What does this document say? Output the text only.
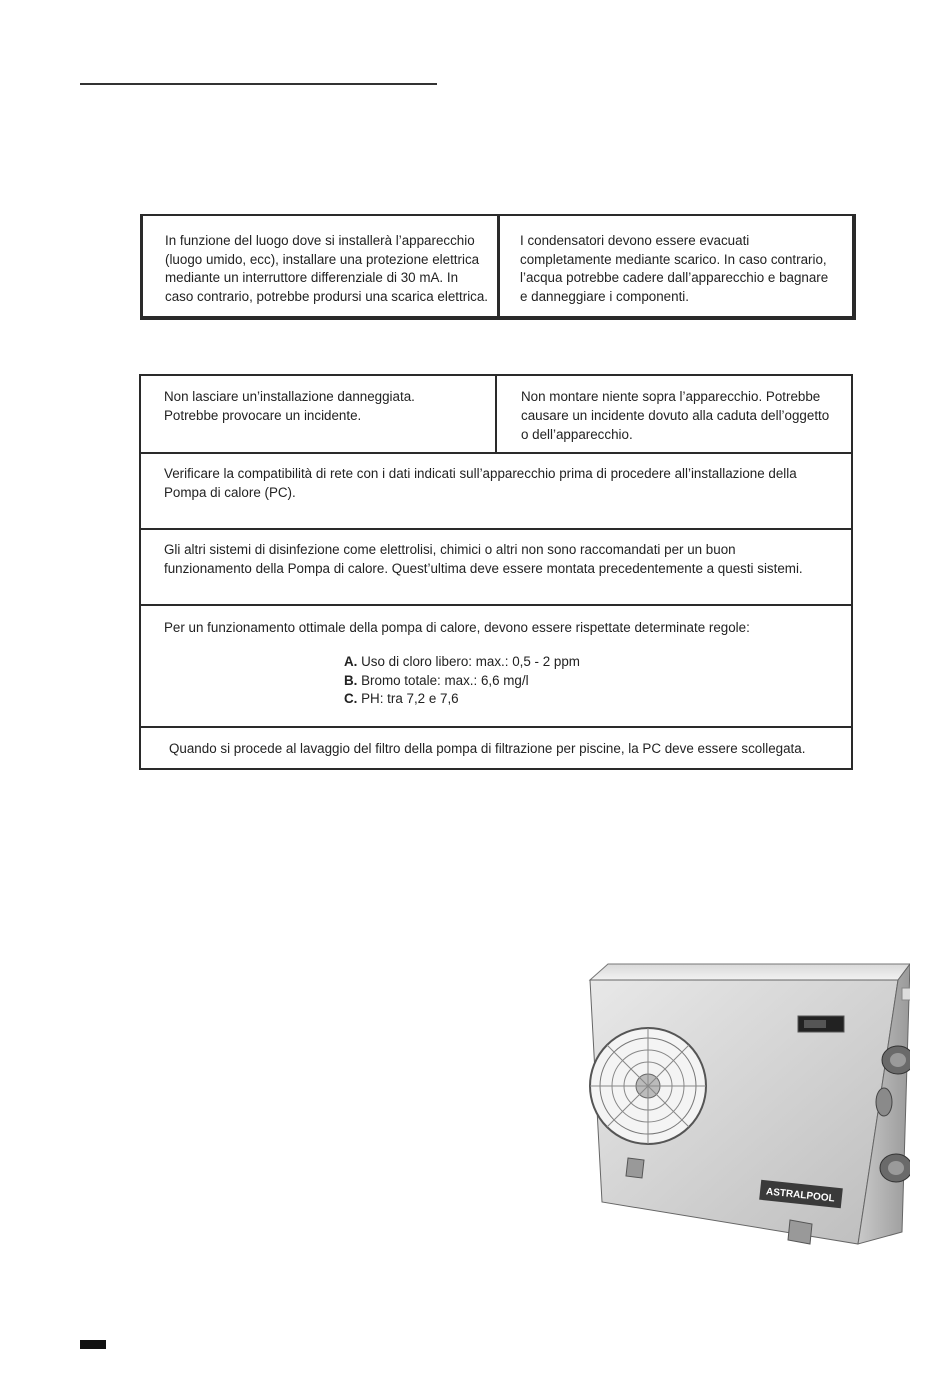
In funzione del luogo dove si installerà l’apparecchio
(luogo umido, ecc), installare una protezione elettrica
mediante un interruttore differenziale di 30 mA. In
caso contrario, potrebbe prodursi una scarica elettrica.
I condensatori devono essere evacuati
completamente mediante scarico. In caso contrario,
l’acqua potrebbe cadere dall’apparecchio e bagnare
e danneggiare i componenti.
Non lasciare un’installazione danneggiata.
Potrebbe provocare un incidente.
Non montare niente sopra l’apparecchio. Potrebbe
causare un incidente dovuto alla caduta dell’oggetto
o dell’apparecchio.
Verificare la compatibilità di rete con i dati indicati sull’apparecchio prima di procedere all’installazione della
Pompa di calore (PC).
Gli altri sistemi di disinfezione come elettrolisi, chimici o altri non sono raccomandati per un buon
funzionamento della Pompa di calore. Quest’ultima deve essere montata precedentemente a questi sistemi.
Per un funzionamento ottimale della pompa di calore, devono essere rispettate determinate regole:
A. Uso di cloro libero: max.: 0,5 - 2 ppm
B. Bromo totale: max.: 6,6 mg/l
C. PH: tra 7,2 e 7,6
Quando si procede al lavaggio del filtro della pompa di filtrazione per piscine, la PC deve essere scollegata.
ASTRALPOOL
